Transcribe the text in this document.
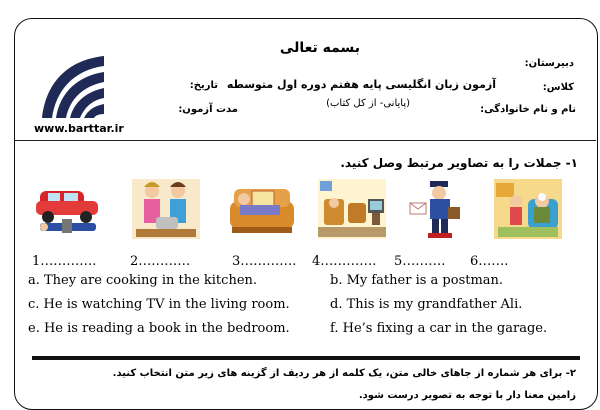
www.barttar.ir
بسمه تعالی
دبیرستان:
آزمون زبان انگلیسی پایه هفتم دوره اول متوسطه	کلاس:
تاریخ:
(پایانی- از کل کتاب)
نام و نام خانوادگی:
مدت آزمون:
۱- جملات را به تصاویر مرتبط وصل کنید.
1………….	2…………	3…………. 4…………. 5………. 6…….
a. They are cooking in the kitchen.	b. My father is a postman.
c. He is watching TV in the living room.	d. This is my grandfather Ali.
e. He is reading a book in the bedroom.	f. He’s fixing a car in the garage.
۲- برای هر شماره از جاهای خالی متن، یک کلمه از هر ردیف از گزینه های زیر متن انتخاب کنید.
زامین معنا دار با توجه به تصویر درست شود.
